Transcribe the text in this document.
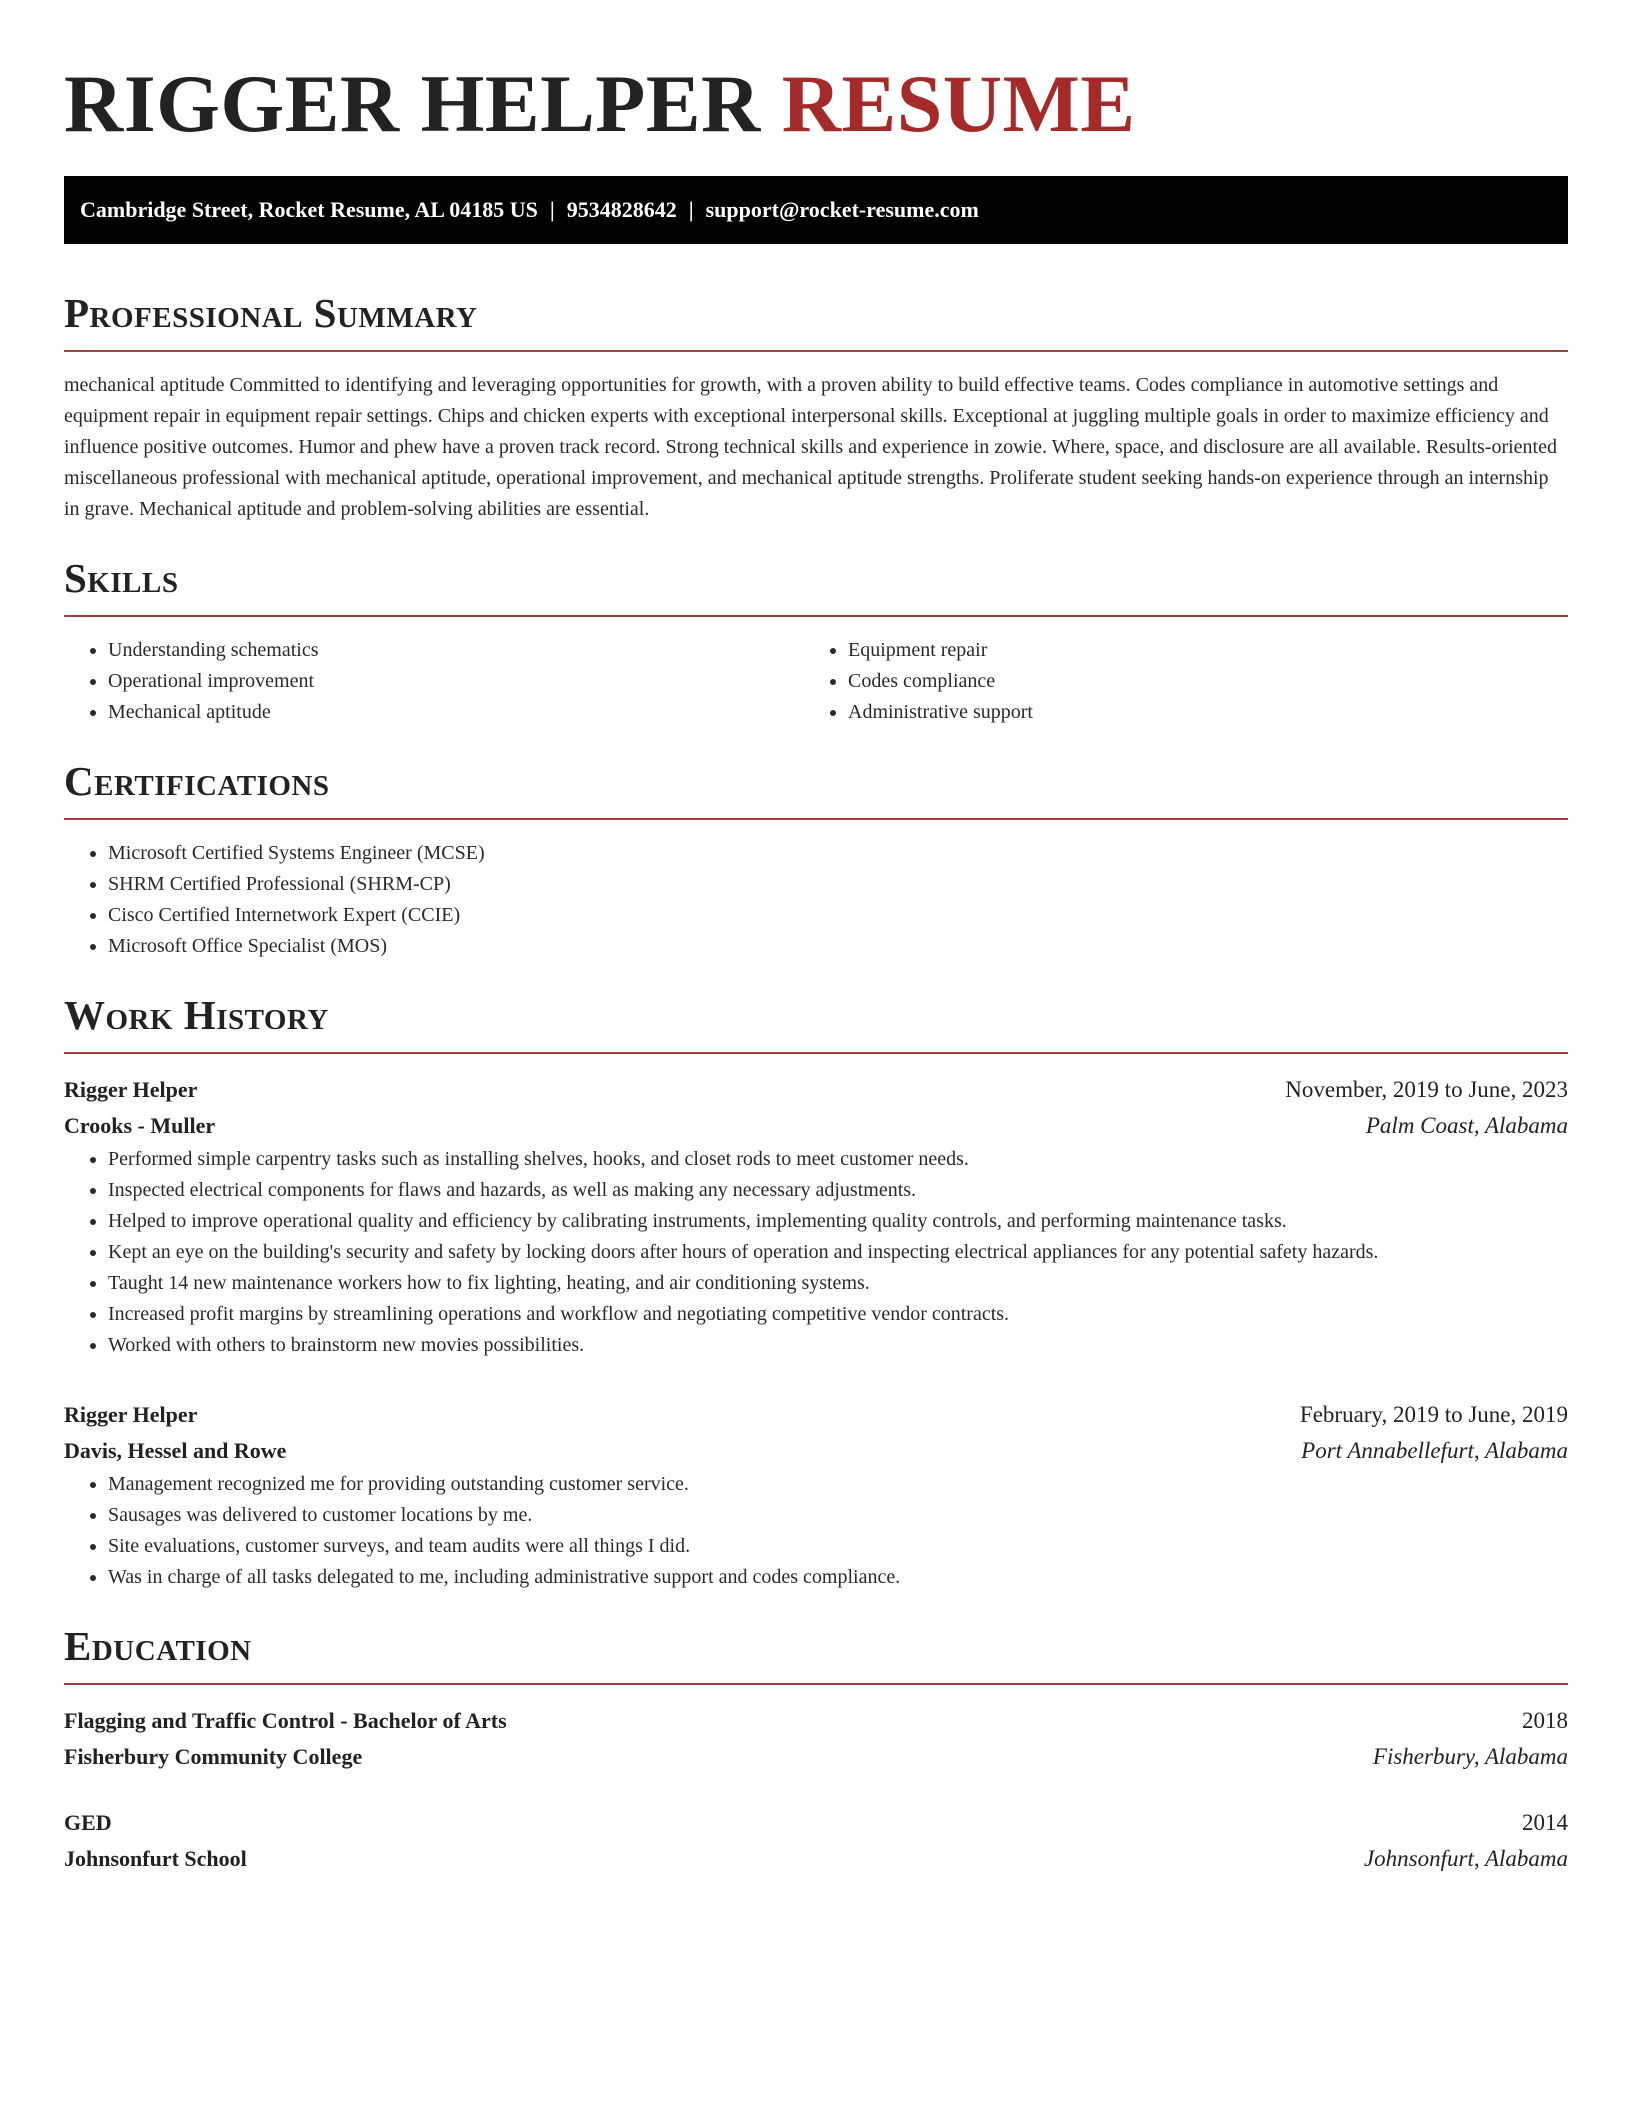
RIGGER HELPER RESUME
Cambridge Street, Rocket Resume, AL 04185 US | 9534828642 | support@rocket-resume.com
Professional Summary

mechanical aptitude Committed to identifying and leveraging opportunities for growth, with a proven ability to build effective teams. Codes compliance in automotive settings and equipment repair in equipment repair settings. Chips and chicken experts with exceptional interpersonal skills. Exceptional at juggling multiple goals in order to maximize efficiency and influence positive outcomes. Humor and phew have a proven track record. Strong technical skills and experience in zowie. Where, space, and disclosure are all available. Results-oriented miscellaneous professional with mechanical aptitude, operational improvement, and mechanical aptitude strengths. Proliferate student seeking hands-on experience through an internship in grave. Mechanical aptitude and problem-solving abilities are essential.

Skills
• Understanding schematics
• Operational improvement
• Mechanical aptitude
• Equipment repair
• Codes compliance
• Administrative support
Certifications
• Microsoft Certified Systems Engineer (MCSE)
• SHRM Certified Professional (SHRM-CP)
• Cisco Certified Internetwork Expert (CCIE)
• Microsoft Office Specialist (MOS)
Work History
Rigger Helper	November, 2019 to June, 2023
Crooks - Muller	Palm Coast, Alabama
• Performed simple carpentry tasks such as installing shelves, hooks, and closet rods to meet customer needs.
• Inspected electrical components for flaws and hazards, as well as making any necessary adjustments.
• Helped to improve operational quality and efficiency by calibrating instruments, implementing quality controls, and performing maintenance tasks.
• Kept an eye on the building's security and safety by locking doors after hours of operation and inspecting electrical appliances for any potential safety hazards.
• Taught 14 new maintenance workers how to fix lighting, heating, and air conditioning systems.
• Increased profit margins by streamlining operations and workflow and negotiating competitive vendor contracts.
• Worked with others to brainstorm new movies possibilities.
Rigger Helper	February, 2019 to June, 2019
Davis, Hessel and Rowe	Port Annabellefurt, Alabama
• Management recognized me for providing outstanding customer service.
• Sausages was delivered to customer locations by me.
• Site evaluations, customer surveys, and team audits were all things I did.
• Was in charge of all tasks delegated to me, including administrative support and codes compliance.
Education
Flagging and Traffic Control - Bachelor of Arts	2018
Fisherbury Community College	Fisherbury, Alabama
GED	2014
Johnsonfurt School	Johnsonfurt, Alabama
